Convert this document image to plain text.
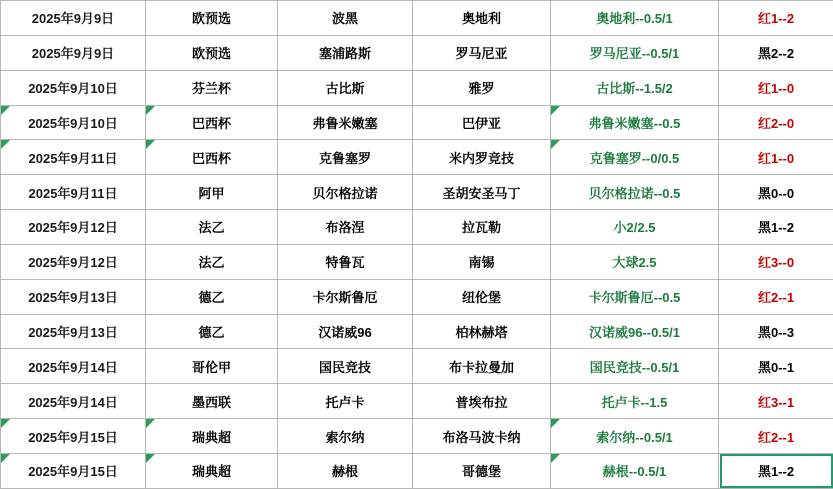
2025年9月9日	欧预选	波黑	奥地利	奥地利--0.5/1	红1--2
2025年9月9日	欧预选	塞浦路斯	罗马尼亚	罗马尼亚--0.5/1	黑2--2
2025年9月10日	芬兰杯	古比斯	雅罗	古比斯--1.5/2	红1--0
2025年9月10日	巴西杯	弗鲁米嫩塞	巴伊亚	弗鲁米嫩塞--0.5	红2--0
2025年9月11日	巴西杯	克鲁塞罗	米内罗竞技	克鲁塞罗--0/0.5	红1--0
2025年9月11日	阿甲	贝尔格拉诺	圣胡安圣马丁	贝尔格拉诺--0.5	黑0--0
2025年9月12日	法乙	布洛涅	拉瓦勒	小2/2.5	黑1--2
2025年9月12日	法乙	特鲁瓦	南锡	大球2.5	红3--0
2025年9月13日	德乙	卡尔斯鲁厄	纽伦堡	卡尔斯鲁厄--0.5	红2--1
2025年9月13日	德乙	汉诺威96	柏林赫塔	汉诺威96--0.5/1	黑0--3
2025年9月14日	哥伦甲	国民竞技	布卡拉曼加	国民竞技--0.5/1	黑0--1
2025年9月14日	墨西联	托卢卡	普埃布拉	托卢卡--1.5	红3--1
2025年9月15日	瑞典超	索尔纳	布洛马波卡纳	索尔纳--0.5/1	红2--1
2025年9月15日	瑞典超	赫根	哥德堡	赫根--0.5/1	黑1--2
